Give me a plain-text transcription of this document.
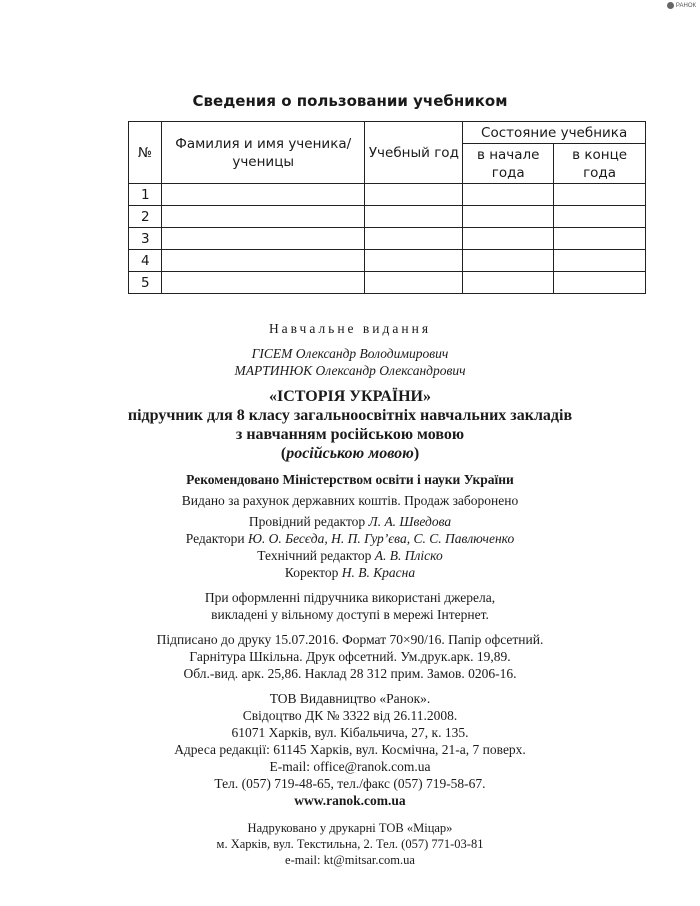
РАНОК
Сведения о пользовании учебником
№	Фамилия и имя ученика/ученицы	Учебный год	Состояние учебника	
			в начале года	в конце года
1				
2				
3				
4				
5				

Навчальне видання

ГІСЕМ Олександр Володимирович

МАРТИНЮК Олександр Олександрович

«ІСТОРІЯ УКРАЇНИ»

підручник для 8 класу загальноосвітніх навчальних закладів

з навчанням російською мовою

(російською мовою)

Рекомендовано Міністерством освіти і науки України

Видано за рахунок державних коштів. Продаж заборонено

Провідний редактор Л. А. Шведова

Редактори Ю. О. Бесєда, Н. П. Гур’єва, С. С. Павлюченко

Технічний редактор А. В. Пліско

Коректор Н. В. Красна

При оформленні підручника використані джерела,

викладені у вільному доступі в мережі Інтернет.

Підписано до друку 15.07.2016. Формат 70×90/16. Папір офсетний.

Гарнітура Шкільна. Друк офсетний. Ум.друк.арк. 19,89.

Обл.-вид. арк. 25,86. Наклад 28 312 прим. Замов. 0206-16.

ТОВ Видавництво «Ранок».

Свідоцтво ДК № 3322 від 26.11.2008.

61071 Харків, вул. Кібальчича, 27, к. 135.

Адреса редакції: 61145 Харків, вул. Космічна, 21-а, 7 поверх.

E-mail: office@ranok.com.ua

Тел. (057) 719-48-65, тел./факс (057) 719-58-67.

www.ranok.com.ua

Надруковано у друкарні ТОВ «Міцар»

м. Харків, вул. Текстильна, 2. Тел. (057) 771-03-81

e-mail: kt@mitsar.com.ua
